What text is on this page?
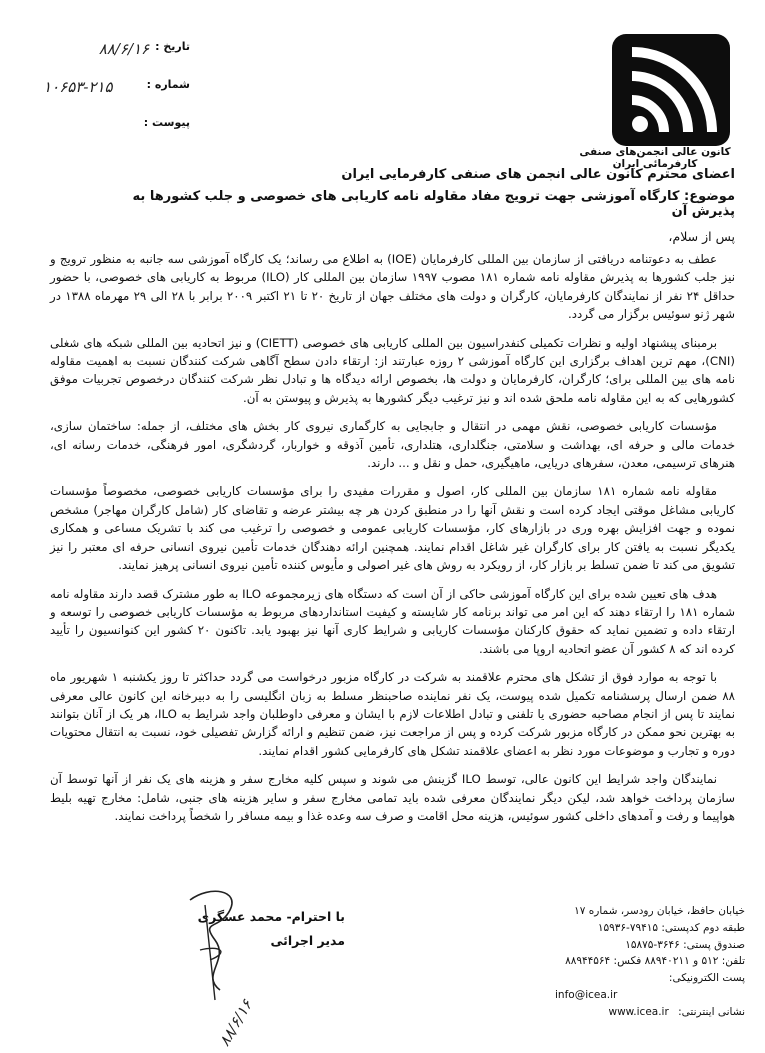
کانون عالی انجمن‌های صنفی کارفرمائی ایران
تاریخ :
۸۸/۶/۱۶
شماره :
۱۰۶۵۳-۲۱۵
پیوست :
اعضای محترم کانون عالی انجمن های صنفی کارفرمایی ایران
موضوع: کارگاه آموزشی جهت ترویج مفاد مقاوله نامه کاریابی های خصوصی و جلب کشورها به پذیرش آن
پس از سلام،

عطف به دعوتنامه دریافتی از سازمان بین المللی کارفرمایان (IOE) به اطلاع می رساند؛ یک کارگاه آموزشی سه جانبه به منظور ترویج و نیز جلب کشورها به پذیرش مقاوله نامه شماره ۱۸۱ مصوب ۱۹۹۷ سازمان بین المللی کار (ILO) مربوط به کاریابی های خصوصی، با حضور حداقل ۲۴ نفر از نمایندگان کارفرمایان، کارگران و دولت های مختلف جهان از تاریخ ۲۰ تا ۲۱ اکتبر ۲۰۰۹ برابر با ۲۸ الی ۲۹ مهرماه ۱۳۸۸ در شهر ژنو سوئیس برگزار می گردد.

برمبنای پیشنهاد اولیه و نظرات تکمیلی کنفدراسیون بین المللی کاریابی های خصوصی (CIETT) و نیز اتحادیه بین المللی شبکه های شغلی (CNI)، مهم ترین اهداف برگزاری این کارگاه آموزشی ۲ روزه عبارتند از: ارتقاء دادن سطح آگاهی شرکت کنندگان نسبت به اهمیت مقاوله نامه های بین المللی برای؛ کارگران، کارفرمایان و دولت ها، بخصوص ارائه دیدگاه ها و تبادل نظر شرکت کنندگان درخصوص تجربیات موفق کشورهایی که به این مقاوله نامه ملحق شده اند و نیز ترغیب دیگر کشورها به پذیرش و پیوستن به آن.

مؤسسات کاریابی خصوصی، نقش مهمی در انتقال و جابجایی به کارگماری نیروی کار بخش های مختلف، از جمله: ساختمان سازی، خدمات مالی و حرفه ای، بهداشت و سلامتی، جنگلداری، هتلداری، تأمین آذوقه و خواربار، گردشگری، امور فرهنگی، خدمات رسانه ای، هنرهای ترسیمی، معدن، سفرهای دریایی، ماهیگیری، حمل و نقل و ... دارند.

مقاوله نامه شماره ۱۸۱ سازمان بین المللی کار، اصول و مقررات مفیدی را برای مؤسسات کاریابی خصوصی، مخصوصاً مؤسسات کاریابی مشاغل موقتی ایجاد کرده است و نقش آنها را در منطبق کردن هر چه بیشتر عرضه و تقاضای کار (شامل کارگران مهاجر) مشخص نموده و جهت افزایش بهره وری در بازارهای کار، مؤسسات کاریابی عمومی و خصوصی را ترغیب می کند با تشریک مساعی و همکاری یکدیگر نسبت به یافتن کار برای کارگران غیر شاغل اقدام نمایند. همچنین ارائه دهندگان خدمات تأمین نیروی انسانی حرفه ای معتبر را نیز تشویق می کند تا ضمن تسلط بر بازار کار، از رویکرد به روش های غیر اصولی و مأیوس کننده تأمین نیروی انسانی پرهیز نمایند.

هدف های تعیین شده برای این کارگاه آموزشی حاکی از آن است که دستگاه های زیرمجموعه ILO به طور مشترک قصد دارند مقاوله نامه شماره ۱۸۱ را ارتقاء دهند که این امر می تواند برنامه کار شایسته و کیفیت استانداردهای مربوط به مؤسسات کاریابی خصوصی را توسعه و ارتقاء داده و تضمین نماید که حقوق کارکنان مؤسسات کاریابی و شرایط کاری آنها نیز بهبود یابد. تاکنون ۲۰ کشور این کنوانسیون را تأیید کرده اند که ۸ کشور آن عضو اتحادیه اروپا می باشند.

با توجه به موارد فوق از تشکل های محترم علاقمند به شرکت در کارگاه مزبور درخواست می گردد حداکثر تا روز یکشنبه ۱ شهریور ماه ۸۸ ضمن ارسال پرسشنامه تکمیل شده پیوست، یک نفر نماینده صاحبنظر مسلط به زبان انگلیسی را به دبیرخانه این کانون عالی معرفی نمایند تا پس از انجام مصاحبه حضوری یا تلفنی و تبادل اطلاعات لازم با ایشان و معرفی داوطلبان واجد شرایط به ILO، هر یک از آنان بتوانند به بهترین نحو ممکن در کارگاه مزبور شرکت کرده و پس از مراجعت نیز، ضمن تنظیم و ارائه گزارش تفصیلی خود، نسبت به انتقال محتویات دوره و تجارب و موضوعات مورد نظر به اعضای علاقمند تشکل های کارفرمایی کشور اقدام نمایند.

نمایندگان واجد شرایط این کانون عالی، توسط ILO گزینش می شوند و سپس کلیه مخارج سفر و هزینه های یک نفر از آنها توسط آن سازمان پرداخت خواهد شد، لیکن دیگر نمایندگان معرفی شده باید تمامی مخارج سفر و سایر هزینه های جنبی، شامل: مخارج تهیه بلیط هواپیما و رفت و آمدهای داخلی کشور سوئیس، هزینه محل اقامت و صرف سه وعده غذا و بیمه مسافر را شخصاً پرداخت نمایند.

با احترام- محمد عسگری
مدیر اجرائی
۸۸/۶/۱۶
خیابان حافظ، خیابان رودسر، شماره ۱۷
طبقه دوم کدپستی: ۷۹۴۱۵-۱۵۹۳۶
صندوق پستی: ۳۶۴۶-۱۵۸۷۵
تلفن: ۵۱۲ و ۸۸۹۴۰۲۱۱ فکس: ۸۸۹۴۴۵۶۴
پست الکترونیکی:
info@icea.ir
نشانی اینترنتی: www.icea.ir
